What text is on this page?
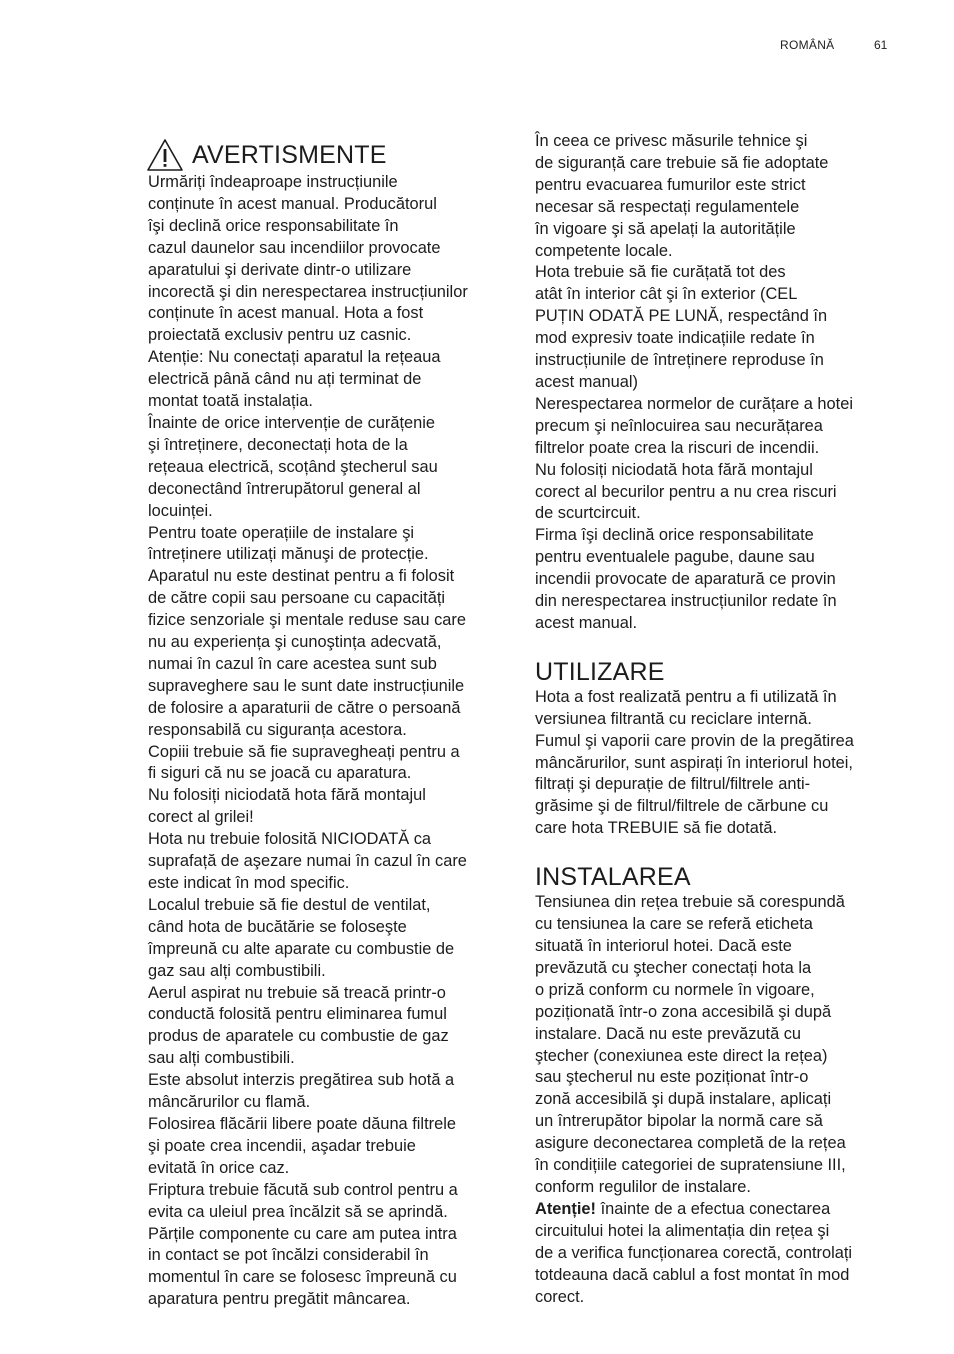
ROMÂNĂ	61
AVERTISMENTE

Urmăriți îndeaproape instrucțiunile

conținute în acest manual. Producătorul

îşi declină orice responsabilitate în

cazul daunelor sau incendiilor provocate

aparatului şi derivate dintr-o utilizare

incorectă şi din nerespectarea instrucțiunilor

conținute în acest manual. Hota a fost

proiectată exclusiv pentru uz casnic.

Atenție: Nu conectați aparatul la rețeaua

electrică până când nu ați terminat de

montat toată instalația.

Înainte de orice intervenție de curățenie

şi întreținere, deconectați hota de la

rețeaua electrică, scoțând ştecherul sau

deconectând întrerupătorul general al

locuinței.

Pentru toate operațiile de instalare şi

întreținere utilizați mănuşi de protecție.

Aparatul nu este destinat pentru a fi folosit

de către copii sau persoane cu capacități

fizice senzoriale şi mentale reduse sau care

nu au experiența şi cunoştința adecvată,

numai în cazul în care acestea sunt sub

supraveghere sau le sunt date instrucțiunile

de folosire a aparaturii de către o persoană

responsabilă cu siguranța acestora.

Copiii trebuie să fie supravegheați pentru a

fi siguri că nu se joacă cu aparatura.

Nu folosiți niciodată hota fără montajul

corect al grilei!

Hota nu trebuie folosită NICIODATĂ ca

suprafață de aşezare numai în cazul în care

este indicat în mod specific.

Localul trebuie să fie destul de ventilat,

când hota de bucătărie se foloseşte

împreună cu alte aparate cu combustie de

gaz sau alți combustibili.

Aerul aspirat nu trebuie să treacă printr-o

conductă folosită pentru eliminarea fumul

produs de aparatele cu combustie de gaz

sau alți combustibili.

Este absolut interzis pregătirea sub hotă a

mâncărurilor cu flamă.

Folosirea flăcării libere poate dăuna filtrele

şi poate crea incendii, aşadar trebuie

evitată în orice caz.

Friptura trebuie făcută sub control pentru a

evita ca uleiul prea încălzit să se aprindă.

Părțile componente cu care am putea intra

in contact se pot încălzi considerabil în

momentul în care se folosesc împreună cu

aparatura pentru pregătit mâncarea.

În ceea ce privesc măsurile tehnice şi

de siguranță care trebuie să fie adoptate

pentru evacuarea fumurilor este strict

necesar să respectați regulamentele

în vigoare şi să apelați la autoritățile

competente locale.

Hota trebuie să fie curățată tot des

atât în interior cât şi în exterior (CEL

PUȚIN ODATĂ PE LUNĂ, respectând în

mod expresiv toate indicațiile redate în

instrucțiunile de întreținere reproduse în

acest manual)

Nerespectarea normelor de curățare a hotei

precum şi neînlocuirea sau necurățarea

filtrelor poate crea la riscuri de incendii.

Nu folosiți niciodată hota fără montajul

corect al becurilor pentru a nu crea riscuri

de scurtcircuit.

Firma îşi declină orice responsabilitate

pentru eventualele pagube, daune sau

incendii provocate de aparatură ce provin

din nerespectarea instrucțiunilor redate în

acest manual.

UTILIZARE

Hota a fost realizată pentru a fi utilizată în

versiunea filtrantă cu reciclare internă.

Fumul şi vaporii care provin de la pregătirea

mâncărurilor, sunt aspirați în interiorul hotei,

filtrați şi depurație de filtrul/filtrele anti-

grăsime şi de filtrul/filtrele de cărbune cu

care hota TREBUIE să fie dotată.

INSTALAREA

Tensiunea din rețea trebuie să corespundă

cu tensiunea la care se referă eticheta

situată în interiorul hotei. Dacă este

prevăzută cu ştecher conectați hota la

o priză conform cu normele în vigoare,

poziționată într-o zona accesibilă şi după

instalare. Dacă nu este prevăzută cu

ştecher (conexiunea este direct la rețea)

sau ştecherul nu este poziționat într-o

zonă accesibilă şi după instalare, aplicați

un întrerupător bipolar la normă care să

asigure deconectarea completă de la rețea

în condițiile categoriei de supratensiune III,

conform regulilor de instalare.

Atenție! înainte de a efectua conectarea

circuitului hotei la alimentația din rețea şi

de a verifica funcționarea corectă, controlați

totdeauna dacă cablul a fost montat în mod

corect.
